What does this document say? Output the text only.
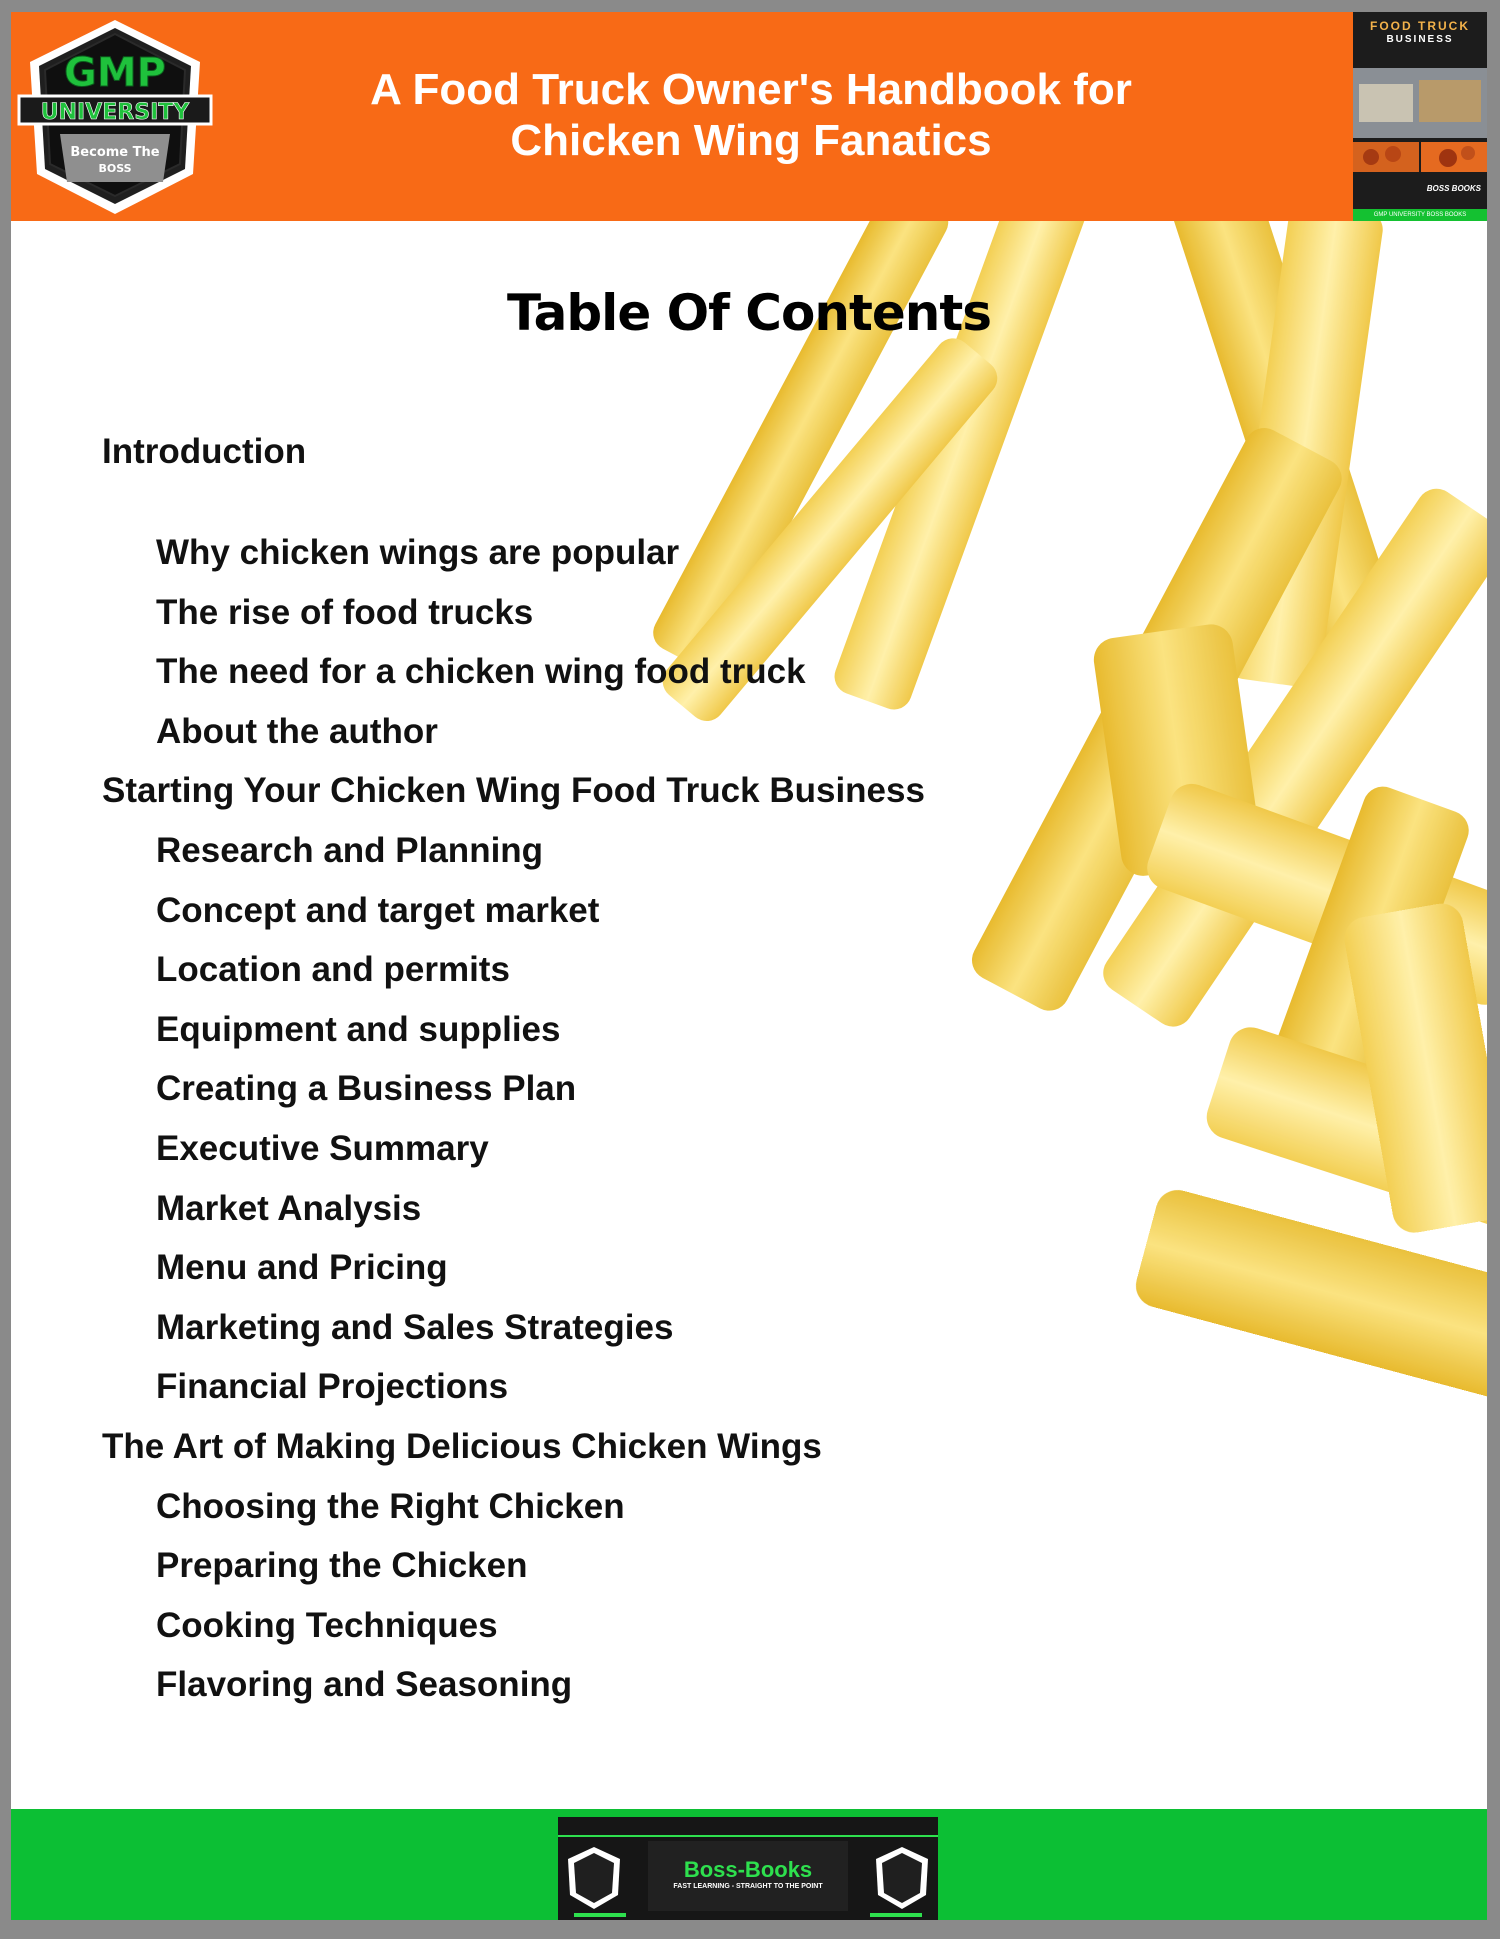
GMP
UNIVERSITY
Become The
BOSS
A Food Truck Owner's Handbook for
Chicken Wing Fanatics
FOOD TRUCK
BUSINESS
BOSS BOOKS
GMP UNIVERSITY BOSS BOOKS
Table Of Contents
Introduction
Why chicken wings are popular
The rise of food trucks
The need for a chicken wing food truck
About the author
Starting Your Chicken Wing Food Truck Business
Research and Planning
Concept and target market
Location and permits
Equipment and supplies
Creating a Business Plan
Executive Summary
Market Analysis
Menu and Pricing
Marketing and Sales Strategies
Financial Projections
The Art of Making Delicious Chicken Wings
Choosing the Right Chicken
Preparing the Chicken
Cooking Techniques
Flavoring and Seasoning
Boss-Books
FAST LEARNING - STRAIGHT TO THE POINT
